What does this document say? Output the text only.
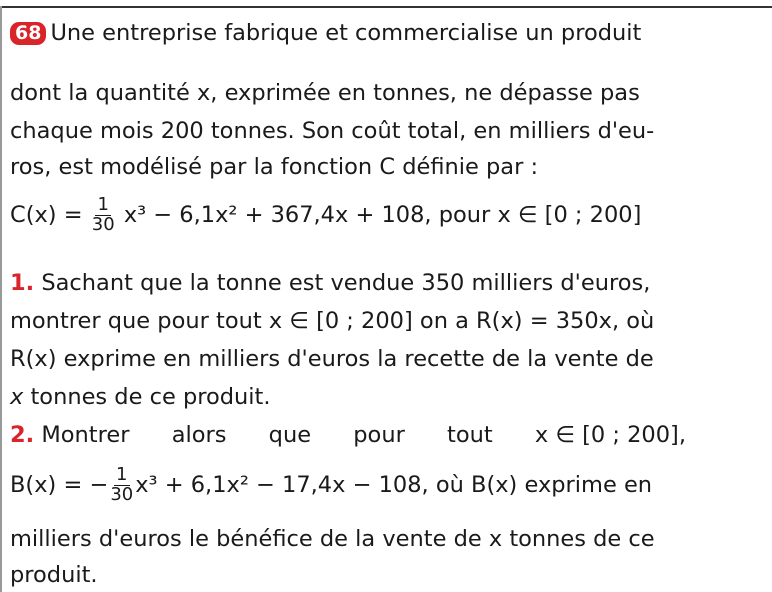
68 Une entreprise fabrique et commercialise un produit
dont la quantité x, exprimée en tonnes, ne dépasse pas
chaque mois 200 tonnes. Son coût total, en milliers d'eu-
ros, est modélisé par la fonction C définie par :
$C(x) = \frac{1}{30} x^3 - 6,1x^2 + 367,4x + 108$, pour x ∈ [0 ; 200]
1. Sachant que la tonne est vendue 350 milliers d'euros,
montrer que pour tout x ∈ [0 ; 200] on a R(x) = 350x, où
R(x) exprime en milliers d'euros la recette de la vente de
x tonnes de ce produit.
2. Montrer alors que pour tout x ∈ [0 ; 200],
B(x) = − $\frac{1}{30} x^3 + 6,1x^2 - 17,4x - 108$, où B(x) exprime en
milliers d'euros le bénéfice de la vente de x tonnes de ce
produit.
